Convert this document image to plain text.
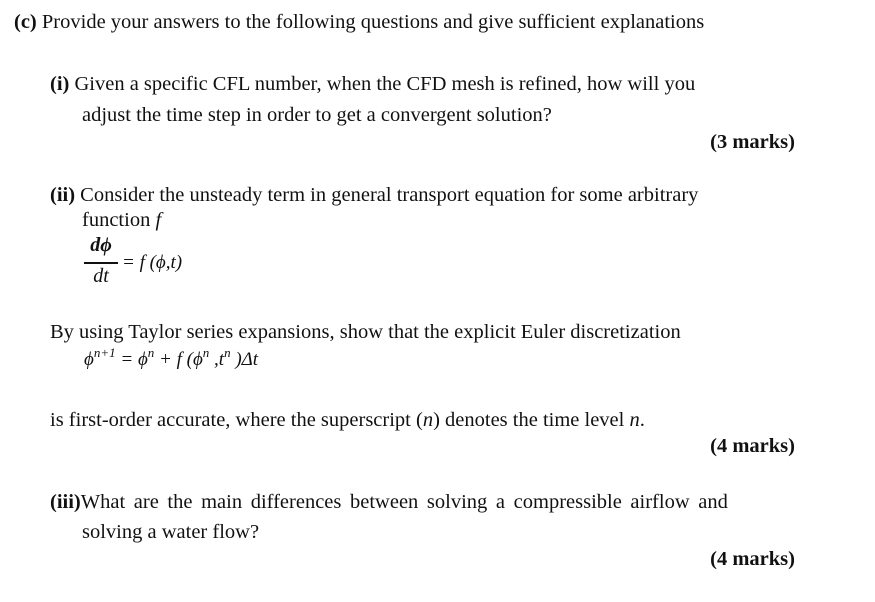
(c) Provide your answers to the following questions and give sufficient explanations
(i) Given a specific CFL number, when the CFD mesh is refined, how will you
adjust the time step in order to get a convergent solution?
(3 marks)
(ii) Consider the unsteady term in general transport equation for some arbitrary
function f
dϕ
dt
= f (ϕ,t)
By using Taylor series expansions, show that the explicit Euler discretization
$\phi^{n+1} = \phi^n + f$ ($\phi^n$ $,t^n$ )Δt
is first-order accurate, where the superscript (n) denotes the time level n.
(4 marks)
(iii)What are the main differences between solving a compressible airflow and
solving a water flow?
(4 marks)
